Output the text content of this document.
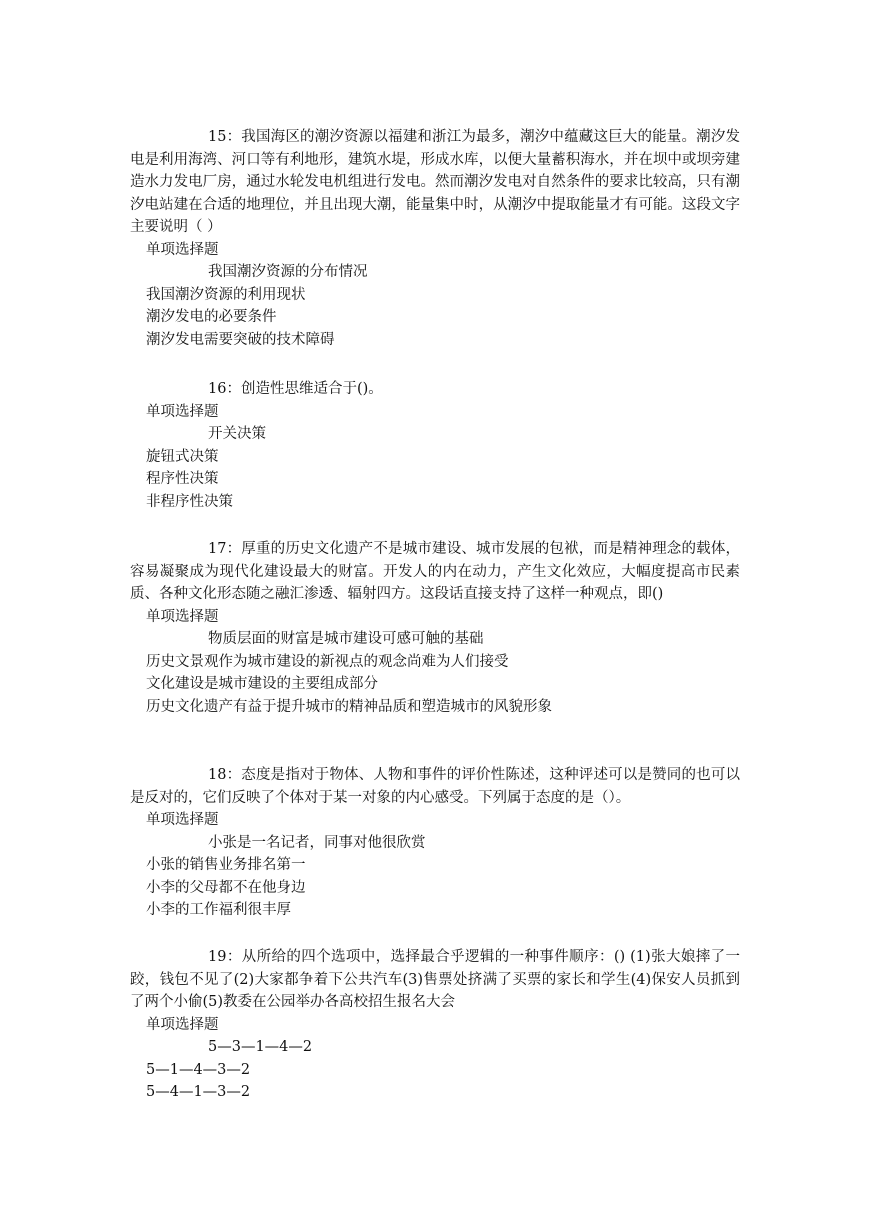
15：我国海区的潮汐资源以福建和浙江为最多，潮汐中蕴藏这巨大的能量。潮汐发电是利用海湾、河口等有利地形，建筑水堤，形成水库，以便大量蓄积海水，并在坝中或坝旁建造水力发电厂房，通过水轮发电机组进行发电。然而潮汐发电对自然条件的要求比较高，只有潮汐电站建在合适的地理位，并且出现大潮，能量集中时，从潮汐中提取能量才有可能。这段文字主要说明（ ）

单项选择题

我国潮汐资源的分布情况

我国潮汐资源的利用现状

潮汐发电的必要条件

潮汐发电需要突破的技术障碍

16：创造性思维适合于()。

单项选择题

开关决策

旋钮式决策

程序性决策

非程序性决策

17：厚重的历史文化遗产不是城市建设、城市发展的包袱，而是精神理念的载体，容易凝聚成为现代化建设最大的财富。开发人的内在动力，产生文化效应，大幅度提高市民素质、各种文化形态随之融汇渗透、辐射四方。这段话直接支持了这样一种观点，即()

单项选择题

物质层面的财富是城市建设可感可触的基础

历史文景观作为城市建设的新视点的观念尚难为人们接受

文化建设是城市建设的主要组成部分

历史文化遗产有益于提升城市的精神品质和塑造城市的风貌形象

18：态度是指对于物体、人物和事件的评价性陈述，这种评述可以是赞同的也可以是反对的，它们反映了个体对于某一对象的内心感受。下列属于态度的是（）。

单项选择题

小张是一名记者，同事对他很欣赏

小张的销售业务排名第一

小李的父母都不在他身边

小李的工作福利很丰厚

19：从所给的四个选项中，选择最合乎逻辑的一种事件顺序：() (1)张大娘摔了一跤，钱包不见了(2)大家都争着下公共汽车(3)售票处挤满了买票的家长和学生(4)保安人员抓到了两个小偷(5)教委在公园举办各高校招生报名大会

单项选择题

5—3—1—4—2

5—1—4—3—2

5—4—1—3—2
